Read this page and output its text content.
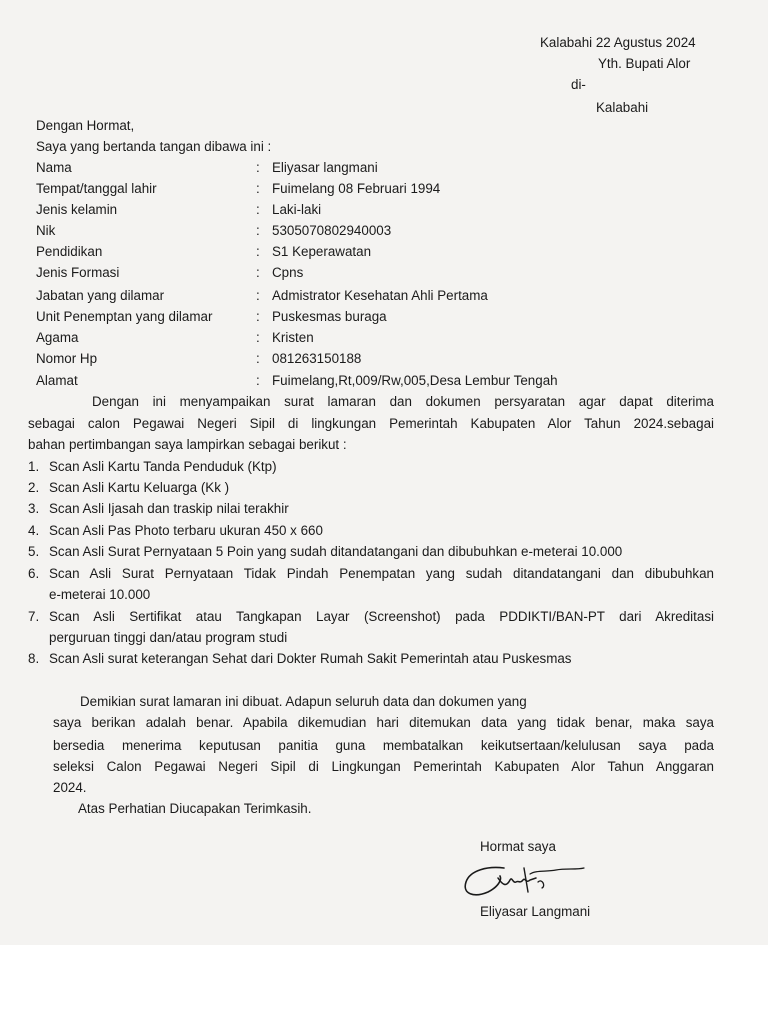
Kalabahi 22 Agustus 2024
Yth. Bupati Alor
di-
Kalabahi
Dengan Hormat,
Saya yang bertanda tangan dibawa ini :
Nama	: Eliyasar langmani
Tempat/tanggal lahir	: Fuimelang 08 Februari 1994
Jenis kelamin	: Laki-laki
Nik	: 5305070802940003
Pendidikan	: S1 Keperawatan
Jenis Formasi	: Cpns
Jabatan yang dilamar	: Admistrator Kesehatan Ahli Pertama
Unit Penemptan yang dilamar	: Puskesmas buraga
Agama	: Kristen
Nomor Hp	: 081263150188
Alamat	: Fuimelang,Rt,009/Rw,005,Desa Lembur Tengah
Dengan ini menyampaikan surat lamaran dan dokumen persyaratan agar dapat diterima
sebagai calon Pegawai Negeri Sipil di lingkungan Pemerintah Kabupaten Alor Tahun 2024.sebagai
bahan pertimbangan saya lampirkan sebagai berikut :
1. Scan Asli Kartu Tanda Penduduk (Ktp)
2. Scan Asli Kartu Keluarga (Kk )
3. Scan Asli Ijasah dan traskip nilai terakhir
4. Scan Asli Pas Photo terbaru ukuran 450 x 660
5. Scan Asli Surat Pernyataan 5 Poin yang sudah ditandatangani dan dibubuhkan e-meterai 10.000
6. Scan Asli Surat Pernyataan Tidak Pindah Penempatan yang sudah ditandatangani dan dibubuhkan
e-meterai 10.000
7. Scan Asli Sertifikat atau Tangkapan Layar (Screenshot) pada PDDIKTI/BAN-PT dari Akreditasi
perguruan tinggi dan/atau program studi
8. Scan Asli surat keterangan Sehat dari Dokter Rumah Sakit Pemerintah atau Puskesmas
Demikian surat lamaran ini dibuat. Adapun seluruh data dan dokumen yang
saya berikan adalah benar. Apabila dikemudian hari ditemukan data yang tidak benar, maka saya
bersedia menerima keputusan panitia guna membatalkan keikutsertaan/kelulusan saya pada
seleksi Calon Pegawai Negeri Sipil di Lingkungan Pemerintah Kabupaten Alor Tahun Anggaran
2024.
Atas Perhatian Diucapakan Terimkasih.
Hormat saya
Eliyasar Langmani
